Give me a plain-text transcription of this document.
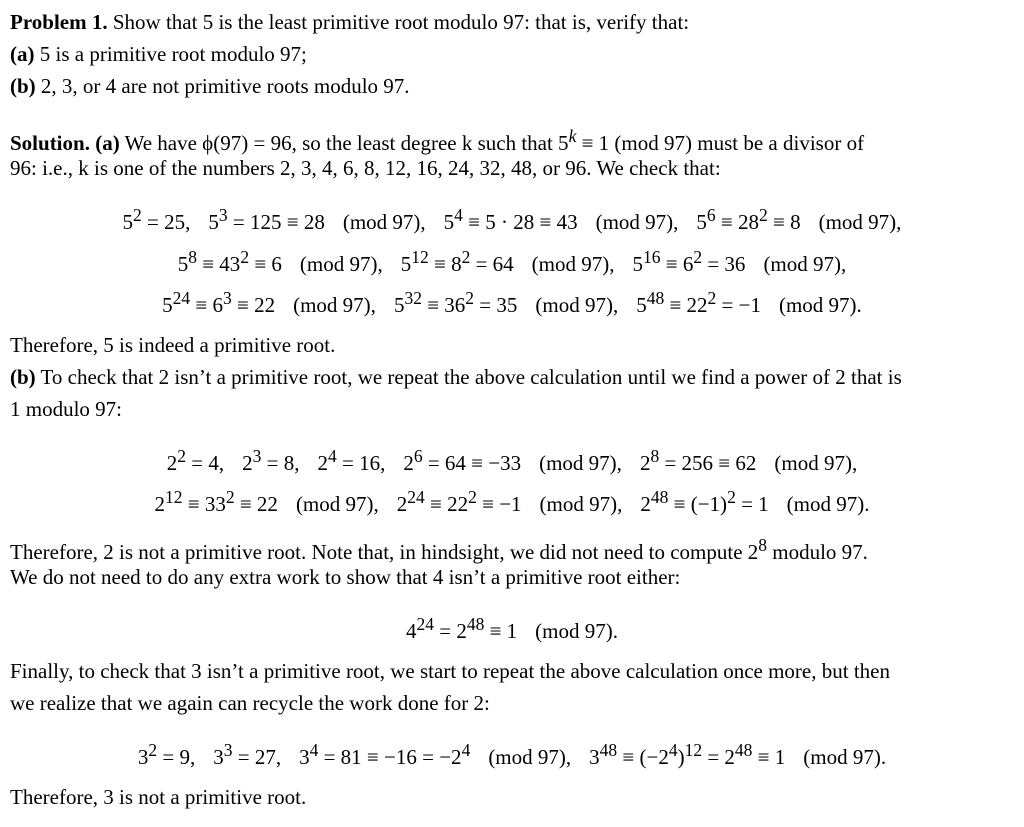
Problem 1. Show that 5 is the least primitive root modulo 97: that is, verify that:

(a) 5 is a primitive root modulo 97;

(b) 2, 3, or 4 are not primitive roots modulo 97.

Solution. (a) We have ϕ(97) = 96, so the least degree k such that $5^k \equiv 1$ (mod 97) must be a divisor of

96: i.e., k is one of the numbers 2, 3, 4, 6, 8, 12, 16, 24, 32, 48, or 96. We check that:

$5^2 = 25$, $5^3 = 125 \equiv 28$ (mod 97), $5^4 \equiv 5 \cdot 28 \equiv 43$ (mod 97), $5^6 \equiv 28^2 \equiv 8$ (mod 97),
$5^8 \equiv 43^2 \equiv 6$ (mod 97), $5^{12} \equiv 8^2 = 64$ (mod 97), $5^{16} \equiv 6^2 = 36$ (mod 97),
$5^{24} \equiv 6^3 \equiv 22$ (mod 97), $5^{32} \equiv 36^2 = 35$ (mod 97), $5^{48} \equiv 22^2 = -1$ (mod 97).

Therefore, 5 is indeed a primitive root.

(b) To check that 2 isn’t a primitive root, we repeat the above calculation until we find a power of 2 that is

1 modulo 97:

$2^2 = 4$, $2^3 = 8$, $2^4 = 16$, $2^6 = 64 \equiv -33$ (mod 97), $2^8 = 256 \equiv 62$ (mod 97),
$2^{12} \equiv 33^2 \equiv 22$ (mod 97), $2^{24} \equiv 22^2 \equiv -1$ (mod 97), $2^{48} \equiv (-1)^2 = 1$ (mod 97).

Therefore, 2 is not a primitive root. Note that, in hindsight, we did not need to compute $2^8$ modulo 97.

We do not need to do any extra work to show that 4 isn’t a primitive root either:

$4^{24} = 2^{48} \equiv 1$ (mod 97).

Finally, to check that 3 isn’t a primitive root, we start to repeat the above calculation once more, but then

we realize that we again can recycle the work done for 2:

$3^2 = 9$, $3^3 = 27$, $3^4 = 81 \equiv -16 = -2^4$ (mod 97), $3^{48} \equiv (-2^4)^{12} = 2^{48} \equiv 1$ (mod 97).

Therefore, 3 is not a primitive root.
